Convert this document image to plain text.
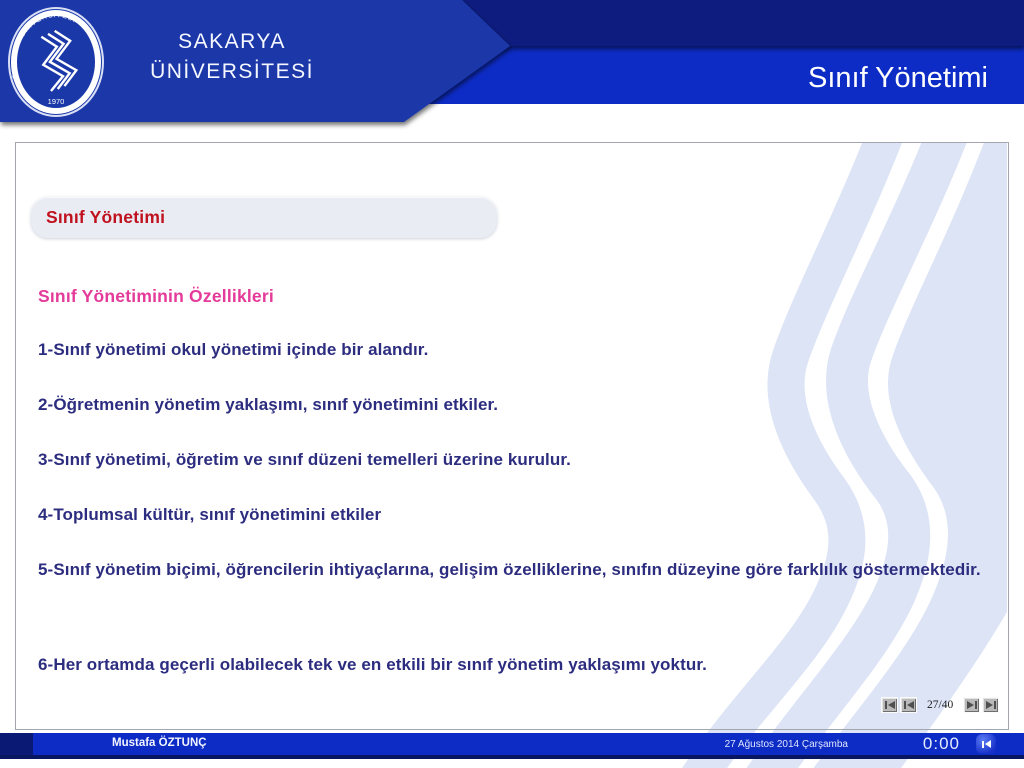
Sınıf Yönetimi
SAKARYA
ÜNİVERSİTESİ
SAKARYA ÜNİVERSİTESİ
1970
Sınıf Yönetimi
Sınıf Yönetiminin Özellikleri
1-Sınıf yönetimi okul yönetimi içinde bir alandır.
2-Öğretmenin yönetim yaklaşımı, sınıf yönetimini etkiler.
3-Sınıf yönetimi, öğretim ve sınıf düzeni temelleri üzerine kurulur.
4-Toplumsal kültür, sınıf yönetimini etkiler
5-Sınıf yönetim biçimi, öğrencilerin ihtiyaçlarına, gelişim özelliklerine, sınıfın düzeyine göre farklılık göstermektedir.
6-Her ortamda geçerli olabilecek tek ve en etkili bir sınıf yönetim yaklaşımı yoktur.
27/40
Mustafa ÖZTUNÇ	27 Ağustos 2014 Çarşamba	0:00
